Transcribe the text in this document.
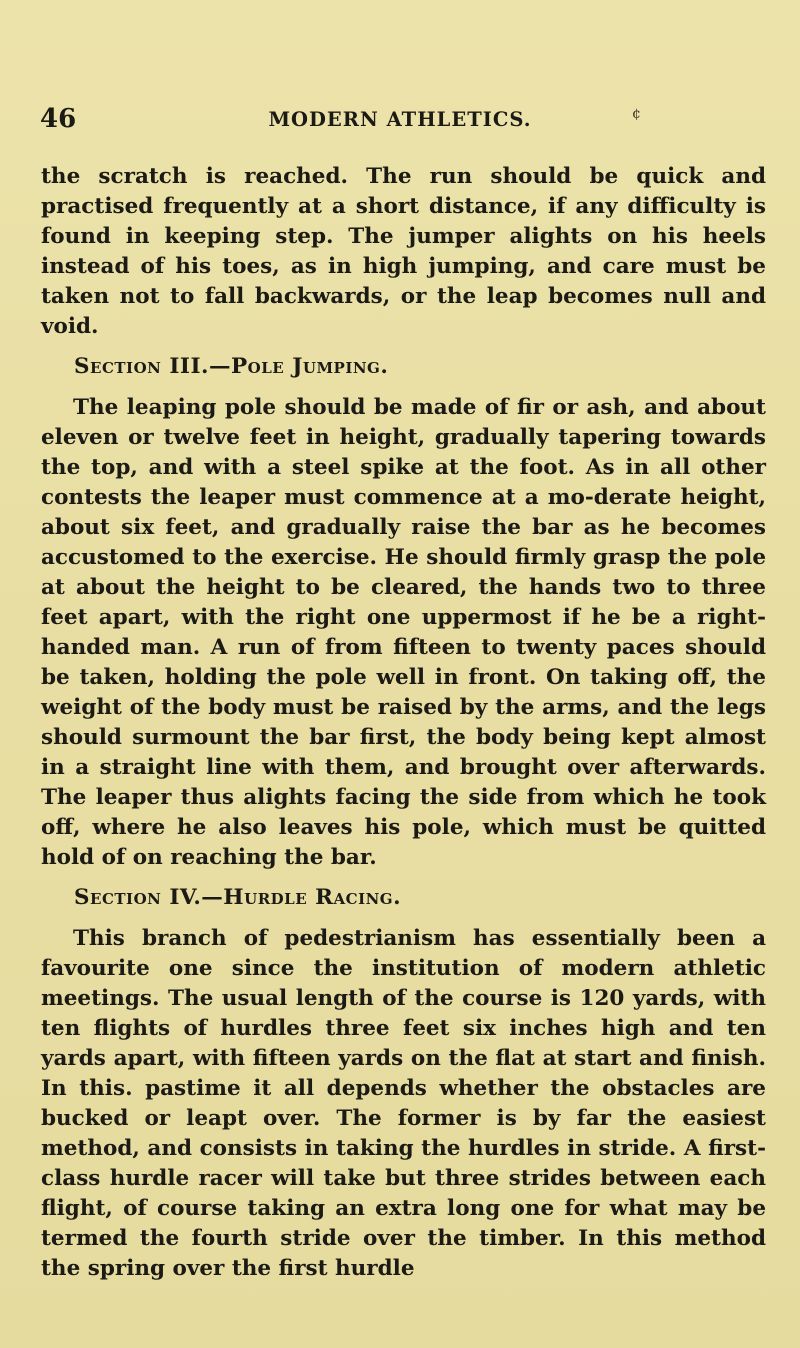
¢
46	MODERN ATHLETICS.

the scratch is reached. The run should be quick and practised frequently at a short distance, if any difficulty is found in keeping step. The jumper alights on his heels instead of his toes, as in high jumping, and care must be taken not to fall backwards, or the leap becomes null and void.

Section III.—Pole Jumping.

The leaping pole should be made of fir or ash, and about eleven or twelve feet in height, gradually tapering towards the top, and with a steel spike at the foot. As in all other contests the leaper must commence at a mo-derate height, about six feet, and gradually raise the bar as he becomes accustomed to the exercise. He should firmly grasp the pole at about the height to be cleared, the hands two to three feet apart, with the right one uppermost if he be a right-handed man. A run of from fifteen to twenty paces should be taken, holding the pole well in front. On taking off, the weight of the body must be raised by the arms, and the legs should surmount the bar first, the body being kept almost in a straight line with them, and brought over afterwards. The leaper thus alights facing the side from which he took off, where he also leaves his pole, which must be quitted hold of on reaching the bar.

Section IV.—Hurdle Racing.

This branch of pedestrianism has essentially been a favourite one since the institution of modern athletic meetings. The usual length of the course is 120 yards, with ten flights of hurdles three feet six inches high and ten yards apart, with fifteen yards on the flat at start and finish. In this. pastime it all depends whether the obstacles are bucked or leapt over. The former is by far the easiest method, and consists in taking the hurdles in stride. A first-class hurdle racer will take but three strides between each flight, of course taking an extra long one for what may be termed the fourth stride over the timber. In this method the spring over the first hurdle
